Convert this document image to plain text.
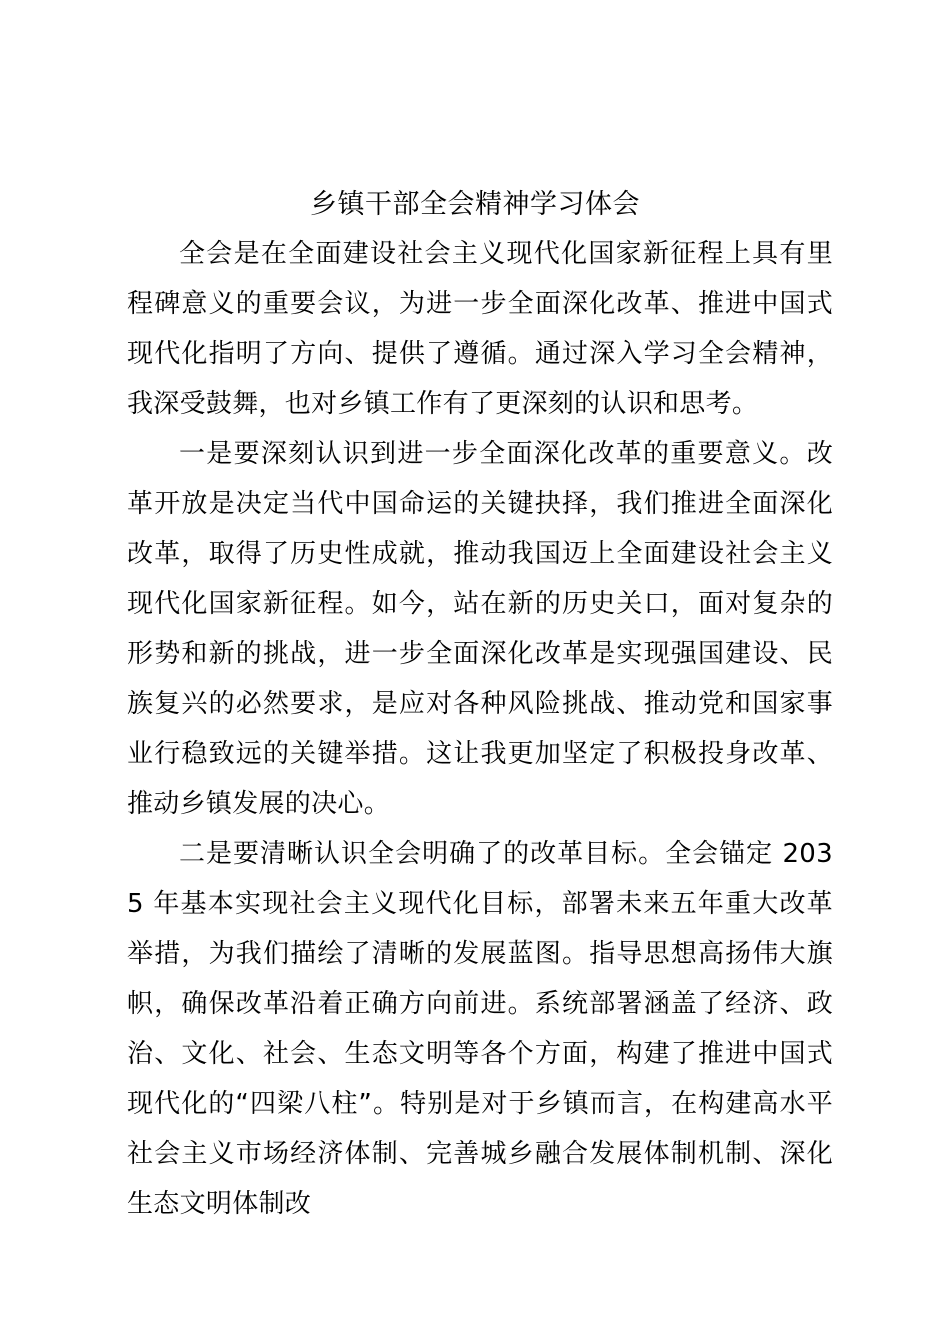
乡镇干部全会精神学习体会

全会是在全面建设社会主义现代化国家新征程上具有里程碑意义的重要会议，为进一步全面深化改革、推进中国式现代化指明了方向、提供了遵循。通过深入学习全会精神，我深受鼓舞，也对乡镇工作有了更深刻的认识和思考。

一是要深刻认识到进一步全面深化改革的重要意义。改革开放是决定当代中国命运的关键抉择，我们推进全面深化改革，取得了历史性成就，推动我国迈上全面建设社会主义现代化国家新征程。如今，站在新的历史关口，面对复杂的形势和新的挑战，进一步全面深化改革是实现强国建设、民族复兴的必然要求，是应对各种风险挑战、推动党和国家事业行稳致远的关键举措。这让我更加坚定了积极投身改革、推动乡镇发展的决心。

二是要清晰认识全会明确了的改革目标。全会锚定 2035 年基本实现社会主义现代化目标，部署未来五年重大改革举措，为我们描绘了清晰的发展蓝图。指导思想高扬伟大旗帜，确保改革沿着正确方向前进。系统部署涵盖了经济、政治、文化、社会、生态文明等各个方面，构建了推进中国式现代化的“四梁八柱”。特别是对于乡镇而言，在构建高水平社会主义市场经济体制、完善城乡融合发展体制机制、深化生态文明体制改
